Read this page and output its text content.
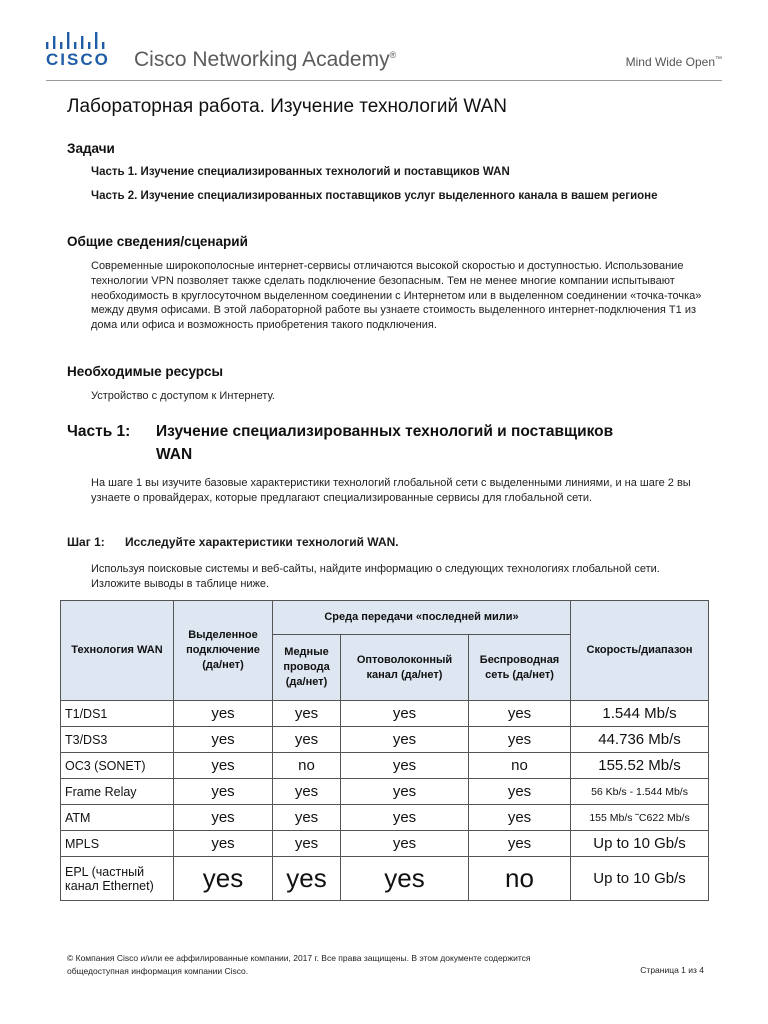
CISCO Cisco Networking Academy®	Mind Wide Open™
Лабораторная работа. Изучение технологий WAN
Задачи

Часть 1. Изучение специализированных технологий и поставщиков WAN

Часть 2. Изучение специализированных поставщиков услуг выделенного канала в вашем регионе

Общие сведения/сценарий

Современные широкополосные интернет-сервисы отличаются высокой скоростью и доступностью. Использование технологии VPN позволяет также сделать подключение безопасным. Тем не менее многие компании испытывают необходимость в круглосуточном выделенном соединении с Интернетом или в выделенном соединении «точка-точка» между двумя офисами. В этой лабораторной работе вы узнаете стоимость выделенного интернет-подключения T1 из дома или офиса и возможность приобретения такого подключения.

Необходимые ресурсы

Устройство с доступом к Интернету.

Часть 1: Изучение специализированных технологий и поставщиков
WAN

На шаге 1 вы изучите базовые характеристики технологий глобальной сети с выделенными линиями, и на шаге 2 вы узнаете о провайдерах, которые предлагают специализированные сервисы для глобальной сети.

Шаг 1: Исследуйте характеристики технологий WAN.

Используя поисковые системы и веб-сайты, найдите информацию о следующих технологиях глобальной сети. Изложите выводы в таблице ниже.

Технология WAN	Выделенное подключение (да/нет)	Среда передачи «последней мили»			Скорость/диапазон
		Медные провода (да/нет)	Оптоволоконный канал (да/нет)	Беспроводная сеть (да/нет)	
T1/DS1	yes	yes	yes	yes	1.544 Mb/s
T3/DS3	yes	yes	yes	yes	44.736 Mb/s
OC3 (SONET)	yes	no	yes	no	155.52 Mb/s
Frame Relay	yes	yes	yes	yes	56 Kb/s - 1.544 Mb/s
ATM	yes	yes	yes	yes	155 Mb/s ˜C622 Mb/s
MPLS	yes	yes	yes	yes	Up to 10 Gb/s
EPL (частный канал Ethernet)	yes	yes	yes	no	Up to 10 Gb/s
© Компания Cisco и/или ее аффилированные компании, 2017 г. Все права защищены. В этом документе содержится общедоступная информация компании Cisco.	Страница 1 из 4
